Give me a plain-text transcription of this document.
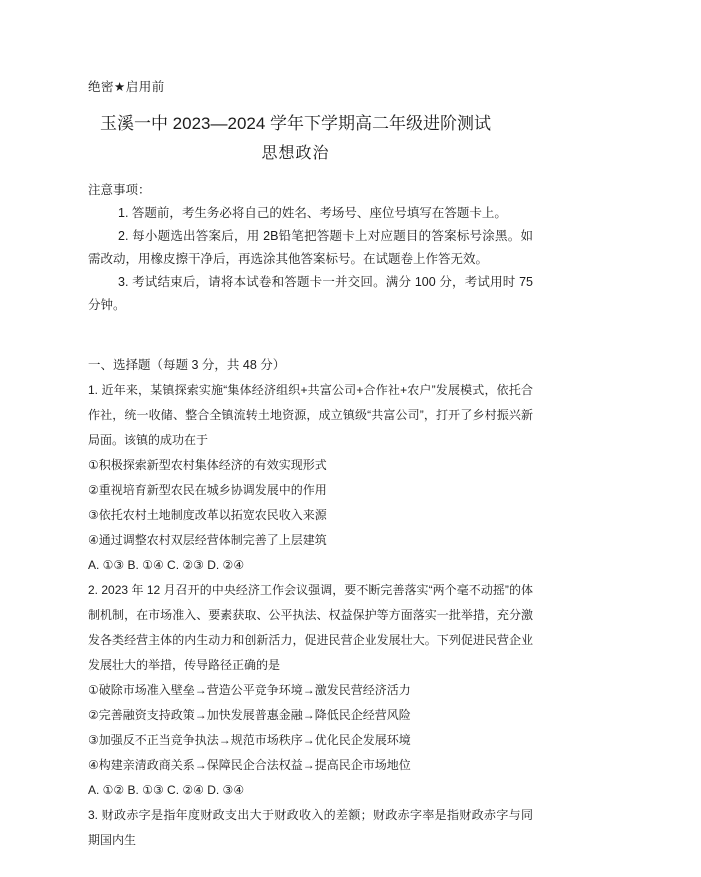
绝密★启用前
玉溪一中 2023—2024 学年下学期高二年级进阶测试
思想政治
注意事项：

1. 答题前，考生务必将自己的姓名、考场号、座位号填写在答题卡上。

2. 每小题选出答案后，用 2B铅笔把答题卡上对应题目的答案标号涂黑。如需改动，用橡皮擦干净后，再选涂其他答案标号。在试题卷上作答无效。

3. 考试结束后，请将本试卷和答题卡一并交回。满分 100 分，考试用时 75 分钟。

一、选择题（每题 3 分，共 48 分）

1. 近年来，某镇探索实施“集体经济组织+共富公司+合作社+农户”发展模式，依托合作社，统一收储、整合全镇流转土地资源，成立镇级“共富公司”，打开了乡村振兴新局面。该镇的成功在于

①积极探索新型农村集体经济的有效实现形式

②重视培育新型农民在城乡协调发展中的作用

③依托农村土地制度改革以拓宽农民收入来源

④通过调整农村双层经营体制完善了上层建筑

A. ①③ B. ①④ C. ②③ D. ②④

2. 2023 年 12 月召开的中央经济工作会议强调，要不断完善落实“两个毫不动摇”的体制机制，在市场准入、要素获取、公平执法、权益保护等方面落实一批举措，充分激发各类经营主体的内生动力和创新活力，促进民营企业发展壮大。下列促进民营企业发展壮大的举措，传导路径正确的是

①破除市场准入壁垒→营造公平竞争环境→激发民营经济活力

②完善融资支持政策→加快发展普惠金融→降低民企经营风险

③加强反不正当竞争执法→规范市场秩序→优化民企发展环境

④构建亲清政商关系→保障民企合法权益→提高民企市场地位

A. ①② B. ①③ C. ②④ D. ③④

3. 财政赤字是指年度财政支出大于财政收入的差额；财政赤字率是指财政赤字与同期国内生
